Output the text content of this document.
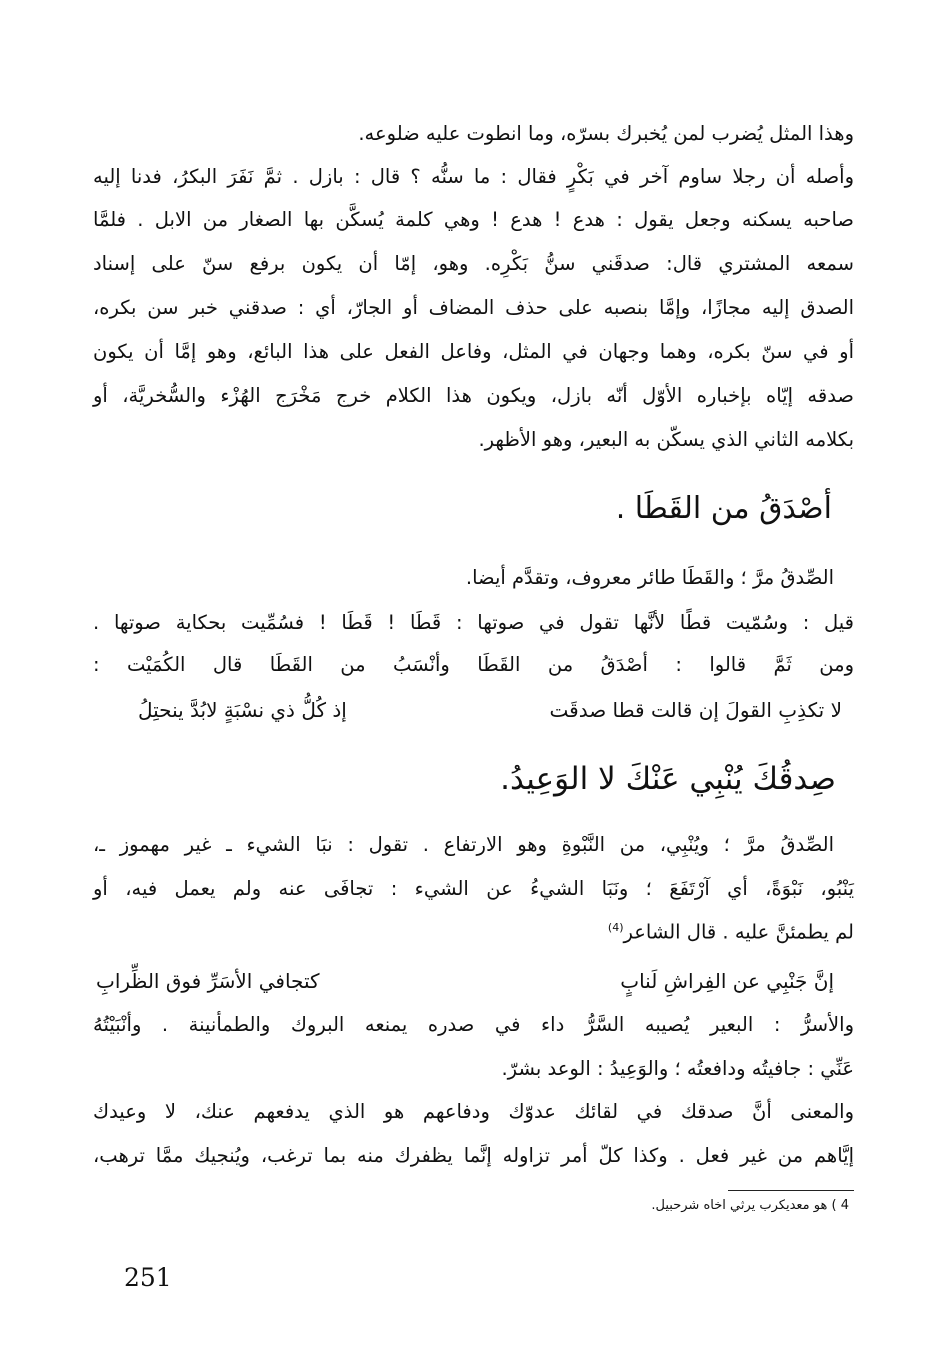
وهذا المثل يُضرب لمن يُخبرك بسرّه، وما انطوت عليه ضلوعه.
وأصله أن رجلا ساوم آخر في بَكْرٍ فقال : ما سنُّه ؟ قال : بازل . ثمَّ نَفَرَ البكرُ، فدنا إليه
صاحبه يسكنه وجعل يقول : هدع ! هدع ! وهي كلمة يُسكَّن بها الصغار من الابل . فلمَّا
سمعه المشتري قال: صدقَني سنُّ بَكْرِه. وهو، إمّا أن يكون برفع سنّ على إسناد
الصدق إليه مجازًا، وإمَّا بنصبه على حذف المضاف أو الجارّ، أي : صدقني خبر سن بكره،
أو في سنّ بكره، وهما وجهان في المثل، وفاعل الفعل على هذا البائع، وهو إمَّا أن يكون
صدقه إيّاه بإخباره الأوّل أنّه بازل، ويكون هذا الكلام خرج مَخْرَج الهُزْء والسُّخريَّة، أو
بكلامه الثاني الذي يسكّن به البعير، وهو الأظهر.
أصْدَقُ من القَطَا .
الصِّدقُ مرَّ ؛ والقَطَا طائر معروف، وتقدَّم أيضا.
قيل : وسُمّيت قطًا لأنَّها تقول في صوتها : قَطَا ! قَطَا ! فسُمِّيت بحكاية صوتها .
ومن ثَمَّ قالوا : أصْدَقُ من القَطَا وأنْسَبُ من القَطَا قال الكُمَيْت :
لا تكذِبِ القولَ إن قالت قطا صدقَت
إذ كُلُّ ذي نسْبَةٍ لابُدَّ ينحتِلُ
صِدقُكَ يُنْبِي عَنْكَ لا الوَعِيدُ.
الصِّدقُ مرَّ ؛ ويُنْبِي، من النَّبْوةِ وهو الارتفاع . تقول : نبَا الشيء ـ غير مهموز ـ،
يَنْبُو، نَبْوَةً، أي آرْتَفَعَ ؛ ونَبَا الشيءُ عن الشيء : تجافَى عنه ولم يعمل فيه، أو
لم يطمئنَّ عليه . قال الشاعر$^{(4)}$
إنَّ جَنْبِي عن الفِراشِ لَنابٍ
كتجافي الأسَرِّ فوق الظِّرابِ
والأسرُّ : البعير يُصيبه السَّرُّ داء في صدره يمنعه البروك والطمأنينة . وأنْبَيْتُهُ
عَنِّي : جافيتُه ودافعتُه ؛ والوَعِيدُ : الوعد بشرّ.
والمعنى أنَّ صدقك في لقائك عدوّك ودفاعهم هو الذي يدفعهم عنك، لا وعيدك
إيَّاهم من غير فعل . وكذا كلّ أمر تزاوله إنَّما يظفرك منه بما ترغب، ويُنجيك ممَّا ترهب،
4 ) هو معديكرب يرثي اخاه شرحبيل.
251
